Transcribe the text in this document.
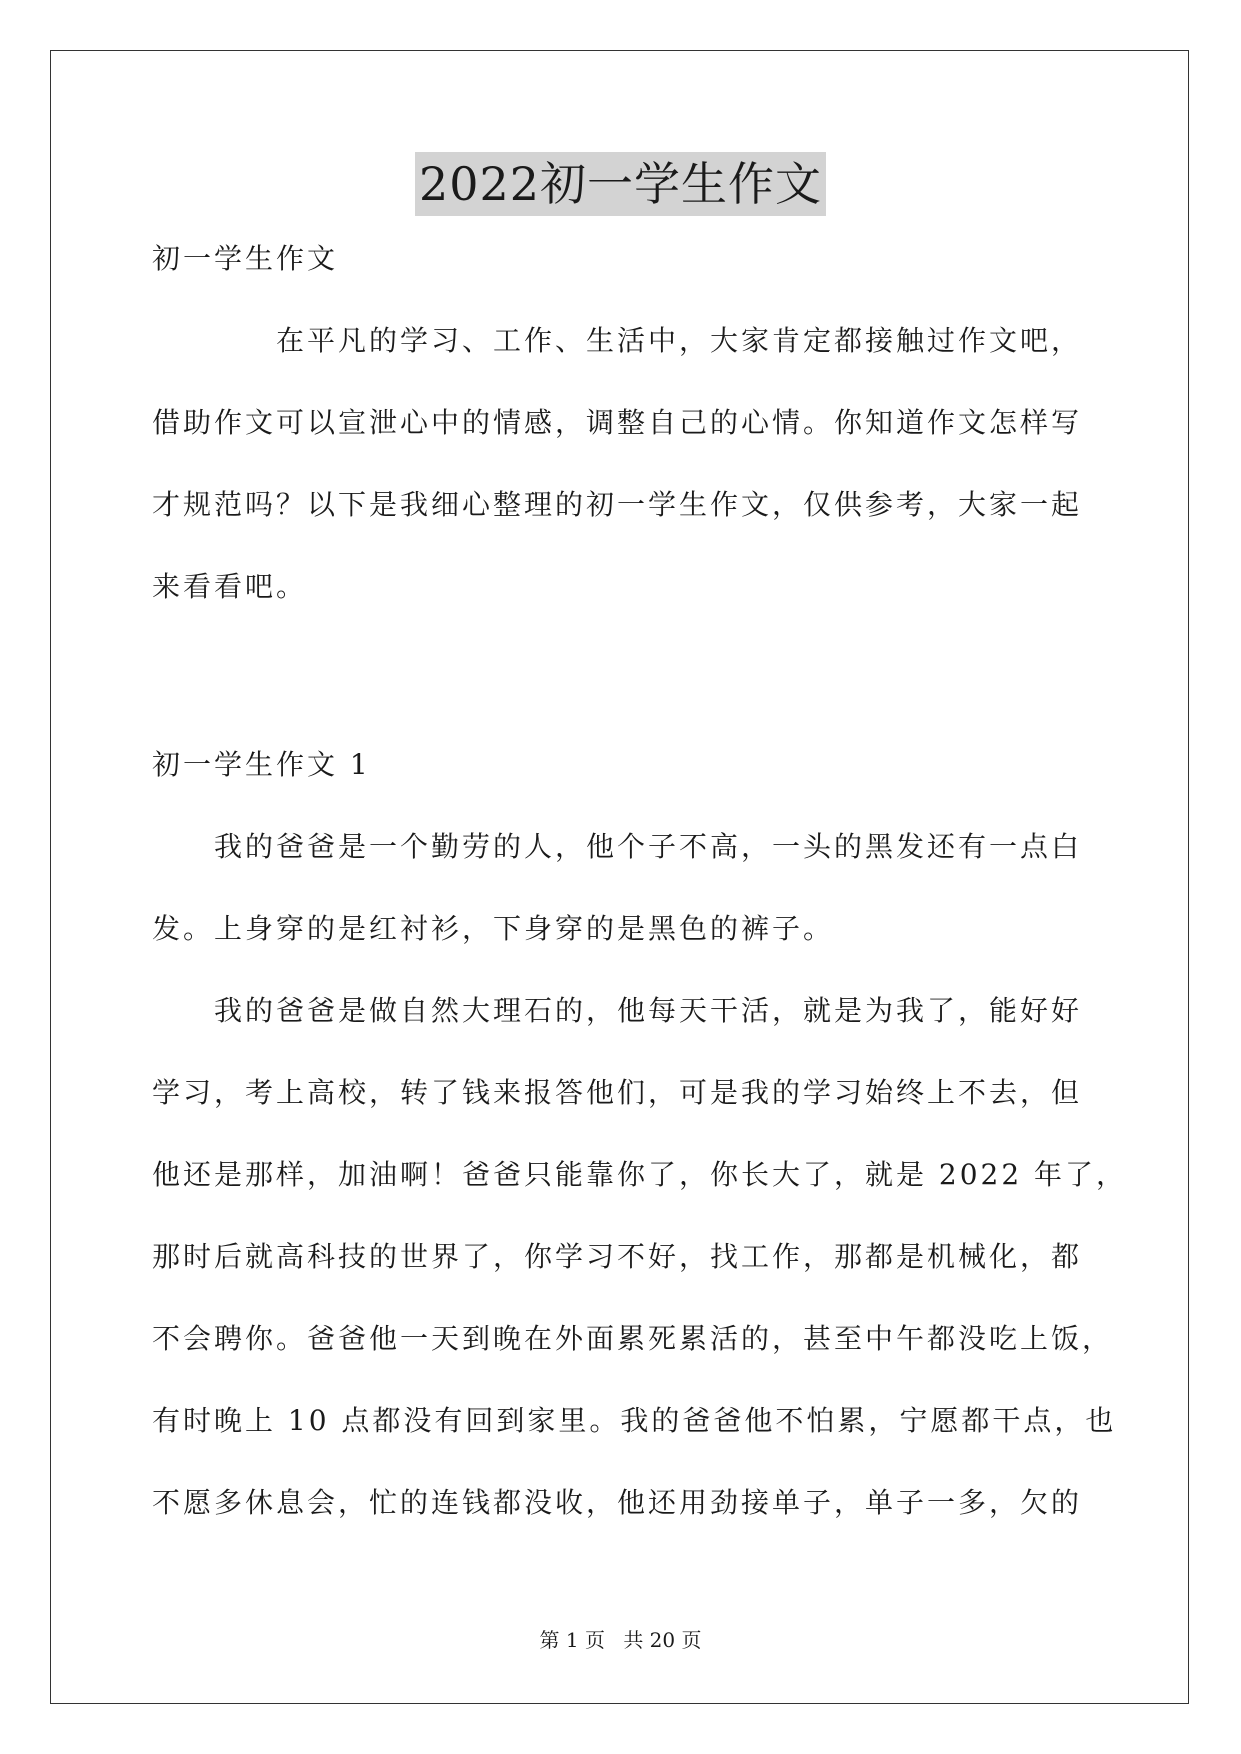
2022初一学生作文

初一学生作文

　　　　在平凡的学习、工作、生活中，大家肯定都接触过作文吧，
借助作文可以宣泄心中的情感，调整自己的心情。你知道作文怎样写
才规范吗？以下是我细心整理的初一学生作文，仅供参考，大家一起
来看看吧。

初一学生作文 1

　　我的爸爸是一个勤劳的人，他个子不高，一头的黑发还有一点白
发。上身穿的是红衬衫，下身穿的是黑色的裤子。

　　我的爸爸是做自然大理石的，他每天干活，就是为我了，能好好
学习，考上高校，转了钱来报答他们，可是我的学习始终上不去，但
他还是那样，加油啊！爸爸只能靠你了，你长大了，就是 2022 年了，
那时后就高科技的世界了，你学习不好，找工作，那都是机械化，都
不会聘你。爸爸他一天到晚在外面累死累活的，甚至中午都没吃上饭，
有时晚上 10 点都没有回到家里。我的爸爸他不怕累，宁愿都干点，也
不愿多休息会，忙的连钱都没收，他还用劲接单子，单子一多，欠的

第 1 页 共 20 页
